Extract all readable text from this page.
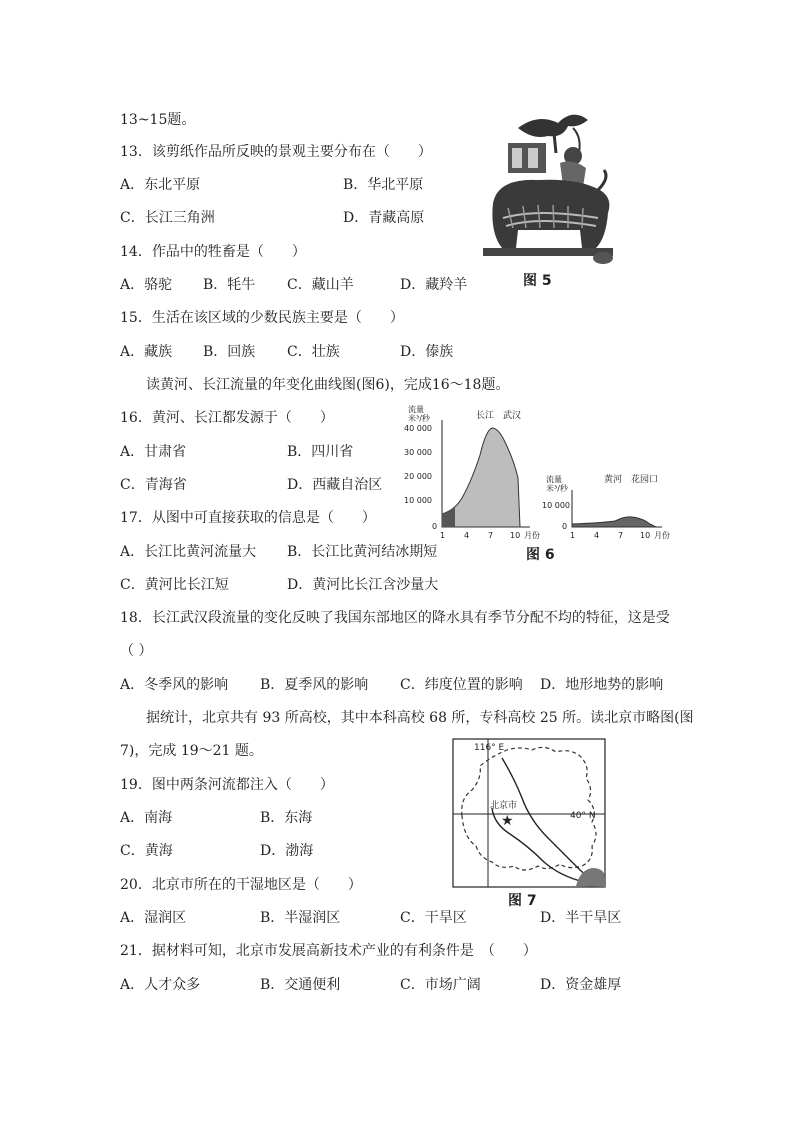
13~15题。
13．该剪纸作品所反映的景观主要分布在（　　）
A．东北平原	B．华北平原
C．长江三角洲	D．青藏高原
14．作品中的牲畜是（　　）
A．骆驼 B．牦牛 C．藏山羊	D．藏羚羊
15．生活在该区域的少数民族主要是（　　）
A．藏族 B．回族 C．壮族	D．傣族
读黄河、长江流量的年变化曲线图(图6)，完成16～18题。
16．黄河、长江都发源于（　　）
A．甘肃省	B．四川省
C．青海省	D．西藏自治区
17．从图中可直接获取的信息是（　　）
A．长江比黄河流量大 B．长江比黄河结冰期短
C．黄河比长江短	D．黄河比长江含沙量大
18．长江武汉段流量的变化反映了我国东部地区的降水具有季节分配不均的特征，这是受
（ ）
A．冬季风的影响 B．夏季风的影响 C．纬度位置的影响 D．地形地势的影响
据统计，北京共有 93 所高校，其中本科高校 68 所，专科高校 25 所。读北京市略图(图
7)，完成 19～21 题。
19．图中两条河流都注入（　　）
A．南海	B．东海
C．黄海	D．渤海
20．北京市所在的干湿地区是（　　）
A．湿润区	B．半湿润区	C．干旱区	D．半干旱区
21．据材料可知，北京市发展高新技术产业的有利条件是　（　　）
A．人才众多	B．交通便利	C．市场广阔	D．资金雄厚
图 5
流量
米³/秒	长江　武汉
40 000
30 000
20 000
10 000
0
1 4 7 10 月份
流量
米³/秒
黄河　花园口
10 000
0
1 4 7 10 月份
图 6
116° E
40° N
★
北京市
图 7
